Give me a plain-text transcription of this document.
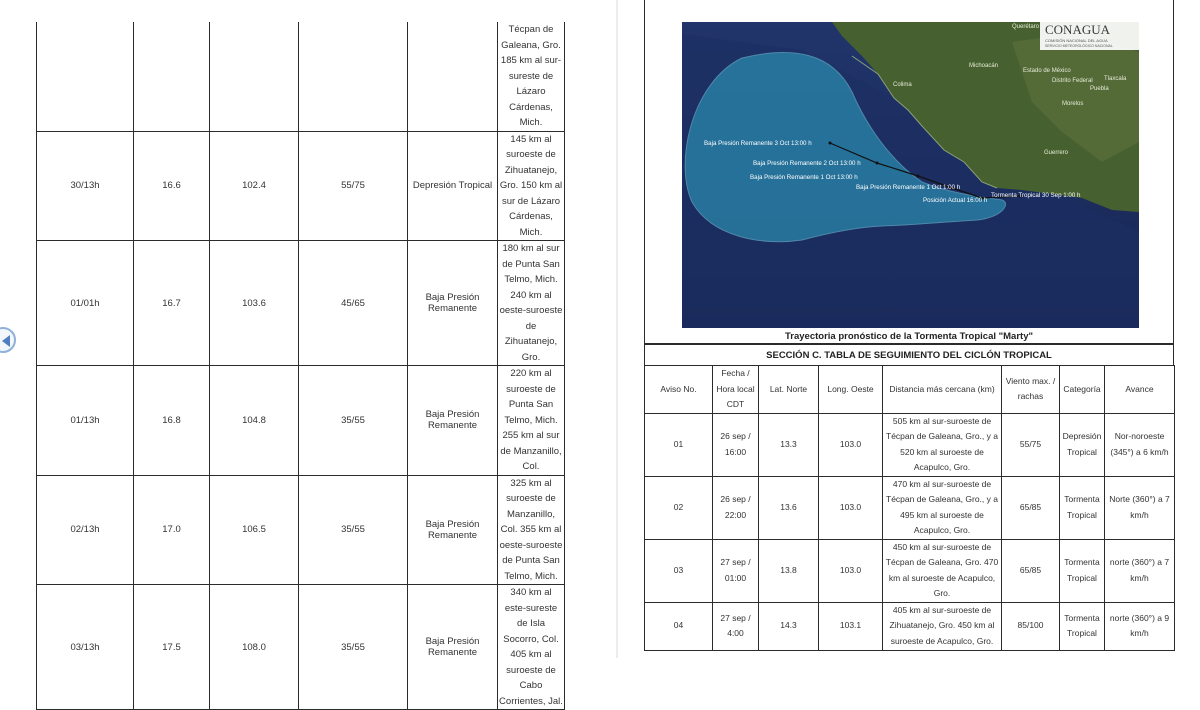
					Técpan de Galeana, Gro. 185 km al sur-sureste de Lázaro Cárdenas, Mich.
30/13h	16.6	102.4	55/75	Depresión Tropical	145 km al suroeste de Zihuatanejo, Gro. 150 km al sur de Lázaro Cárdenas, Mich.
01/01h	16.7	103.6	45/65	Baja Presión Remanente	180 km al sur de Punta San Telmo, Mich. 240 km al oeste-suroeste de Zihuatanejo, Gro.
01/13h	16.8	104.8	35/55	Baja Presión Remanente	220 km al suroeste de Punta San Telmo, Mich. 255 km al sur de Manzanillo, Col.
02/13h	17.0	106.5	35/55	Baja Presión Remanente	325 km al suroeste de Manzanillo, Col. 355 km al oeste-suroeste de Punta San Telmo, Mich.
03/13h	17.5	108.0	35/55	Baja Presión Remanente	340 km al este-sureste de Isla Socorro, Col. 405 km al suroeste de Cabo Corrientes, Jal.
Baja Presión Remanente 3 Oct 13:00 h
Baja Presión Remanente 2 Oct 13:00 h
Baja Presión Remanente 1 Oct 13:00 h
Baja Presión Remanente 1 Oct 1:00 h
Tormenta Tropical 30 Sep 1:00 h
Posición Actual 16:00 h
Querétaro
Michoacán
Estado de México
Distrito Federal Tlaxcala
Puebla
Morelos
Colima
Guerrero
CONAGUA
COMISIÓN NACIONAL DEL AGUA
SERVICIO METEOROLÓGICO NACIONAL
Trayectoria pronóstico de la Tormenta Tropical "Marty"
SECCIÓN C. TABLA DE SEGUIMIENTO DEL CICLÓN TROPICAL
Aviso No.	Fecha / Hora local CDT	Lat. Norte	Long. Oeste	Distancia más cercana (km)	Viento max. / rachas	Categoría	Avance
01	26 sep / 16:00	13.3	103.0	505 km al sur-suroeste de Técpan de Galeana, Gro., y a 520 km al suroeste de Acapulco, Gro.	55/75	Depresión Tropical	Nor-noroeste (345°) a 6 km/h
02	26 sep / 22:00	13.6	103.0	470 km al sur-suroeste de Técpan de Galeana, Gro., y a 495 km al suroeste de Acapulco, Gro.	65/85	Tormenta Tropical	Norte (360°) a 7 km/h
03	27 sep / 01:00	13.8	103.0	450 km al sur-suroeste de Técpan de Galeana, Gro. 470 km al suroeste de Acapulco, Gro.	65/85	Tormenta Tropical	norte (360°) a 7 km/h
04	27 sep / 4:00	14.3	103.1	405 km al sur-suroeste de Zihuatanejo, Gro. 450 km al suroeste de Acapulco, Gro.	85/100	Tormenta Tropical	norte (360°) a 9 km/h
